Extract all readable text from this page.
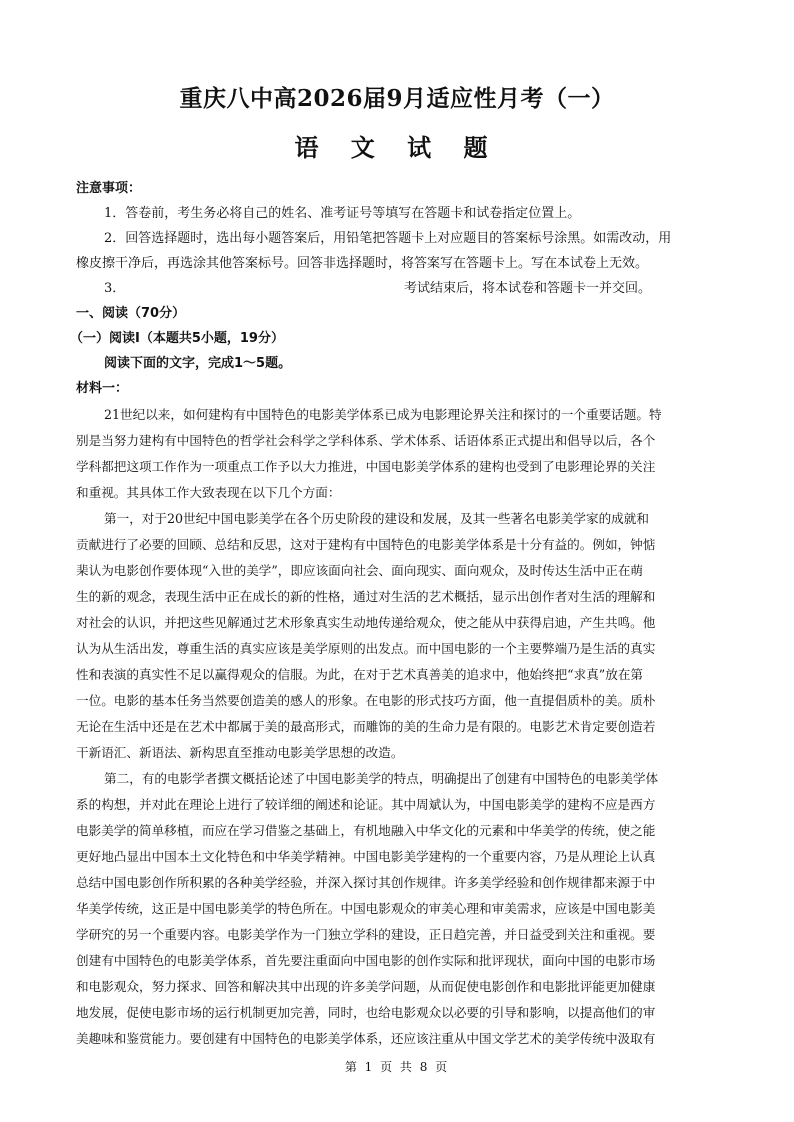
重庆八中高2026届9月适应性月考（一）
语 文 试 题
注意事项：
1．答卷前，考生务必将自己的姓名、准考证号等填写在答题卡和试卷指定位置上。
2．回答选择题时，选出每小题答案后，用铅笔把答题卡上对应题目的答案标号涂黑。如需改动，用
橡皮擦干净后，再选涂其他答案标号。回答非选择题时，将答案写在答题卡上。写在本试卷上无效。
3．	考试结束后，将本试卷和答题卡一并交回。
一、阅读（70分）
（一）阅读Ⅰ（本题共5小题，19分）
阅读下面的文字，完成1～5题。
材料一：

21世纪以来，如何建构有中国特色的电影美学体系已成为电影理论界关注和探讨的一个重要话题。特

别是当努力建构有中国特色的哲学社会科学之学科体系、学术体系、话语体系正式提出和倡导以后，各个
学科都把这项工作作为一项重点工作予以大力推进，中国电影美学体系的建构也受到了电影理论界的关注
和重视。其具体工作大致表现在以下几个方面：

第一，对于20世纪中国电影美学在各个历史阶段的建设和发展，及其一些著名电影美学家的成就和

贡献进行了必要的回顾、总结和反思，这对于建构有中国特色的电影美学体系是十分有益的。例如，钟惦
棐认为电影创作要体现“入世的美学”，即应该面向社会、面向现实、面向观众，及时传达生活中正在萌
生的新的观念，表现生活中正在成长的新的性格，通过对生活的艺术概括，显示出创作者对生活的理解和
对社会的认识，并把这些见解通过艺术形象真实生动地传递给观众，使之能从中获得启迪，产生共鸣。他
认为从生活出发，尊重生活的真实应该是美学原则的出发点。而中国电影的一个主要弊端乃是生活的真实
性和表演的真实性不足以赢得观众的信服。为此，在对于艺术真善美的追求中，他始终把“求真”放在第
一位。电影的基本任务当然要创造美的感人的形象。在电影的形式技巧方面，他一直提倡质朴的美。质朴
无论在生活中还是在艺术中都属于美的最高形式，而雕饰的美的生命力是有限的。电影艺术肯定要创造若
干新语汇、新语法、新构思直至推动电影美学思想的改造。

第二，有的电影学者撰文概括论述了中国电影美学的特点，明确提出了创建有中国特色的电影美学体

系的构想，并对此在理论上进行了较详细的阐述和论证。其中周斌认为，中国电影美学的建构不应是西方
电影美学的简单移植，而应在学习借鉴之基础上，有机地融入中华文化的元素和中华美学的传统，使之能
更好地凸显出中国本土文化特色和中华美学精神。中国电影美学建构的一个重要内容，乃是从理论上认真
总结中国电影创作所积累的各种美学经验，并深入探讨其创作规律。许多美学经验和创作规律都来源于中
华美学传统，这正是中国电影美学的特色所在。中国电影观众的审美心理和审美需求，应该是中国电影美
学研究的另一个重要内容。电影美学作为一门独立学科的建设，正日趋完善，并日益受到关注和重视。要
创建有中国特色的电影美学体系，首先要注重面向中国电影的创作实际和批评现状，面向中国的电影市场
和电影观众，努力探求、回答和解决其中出现的许多美学问题，从而促使电影创作和电影批评能更加健康
地发展，促使电影市场的运行机制更加完善，同时，也给电影观众以必要的引导和影响，以提高他们的审
美趣味和鉴赏能力。要创建有中国特色的电影美学体系，还应该注重从中国文学艺术的美学传统中汲取有
第 1 页 共 8 页
